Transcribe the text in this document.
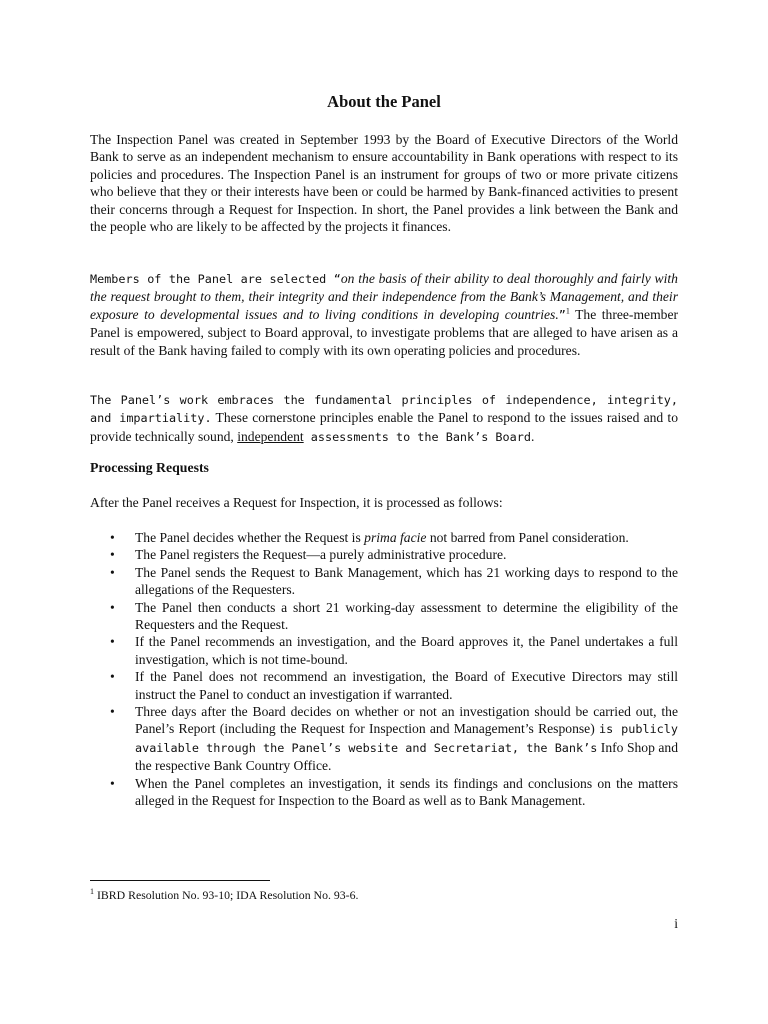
About the Panel

The Inspection Panel was created in September 1993 by the Board of Executive Directors of the World Bank to serve as an independent mechanism to ensure accountability in Bank operations with respect to its policies and procedures. The Inspection Panel is an instrument for groups of two or more private citizens who believe that they or their interests have been or could be harmed by Bank-financed activities to present their concerns through a Request for Inspection. In short, the Panel provides a link between the Bank and the people who are likely to be affected by the projects it finances.

Members of the Panel are selected “on the basis of their ability to deal thoroughly and fairly with the request brought to them, their integrity and their independence from the Bank’s Management, and their exposure to developmental issues and to living conditions in developing countries.”$^1$ The three-member Panel is empowered, subject to Board approval, to investigate problems that are alleged to have arisen as a result of the Bank having failed to comply with its own operating policies and procedures.

The Panel’s work embraces the fundamental principles of independence, integrity, and impartiality. These cornerstone principles enable the Panel to respond to the issues raised and to provide technically sound, independent assessments to the Bank’s Board.

Processing Requests

After the Panel receives a Request for Inspection, it is processed as follows:

• The Panel decides whether the Request is prima facie not barred from Panel consideration.
• The Panel registers the Request—a purely administrative procedure.
• The Panel sends the Request to Bank Management, which has 21 working days to respond to the allegations of the Requesters.
• The Panel then conducts a short 21 working-day assessment to determine the eligibility of the Requesters and the Request.
• If the Panel recommends an investigation, and the Board approves it, the Panel undertakes a full investigation, which is not time-bound.
• If the Panel does not recommend an investigation, the Board of Executive Directors may still instruct the Panel to conduct an investigation if warranted.
• Three days after the Board decides on whether or not an investigation should be carried out, the Panel’s Report (including the Request for Inspection and Management’s Response) is publicly available through the Panel’s website and Secretariat, the Bank’s Info Shop and the respective Bank Country Office.
• When the Panel completes an investigation, it sends its findings and conclusions on the matters alleged in the Request for Inspection to the Board as well as to Bank Management.
$^1$ IBRD Resolution No. 93-10; IDA Resolution No. 93-6.
i
